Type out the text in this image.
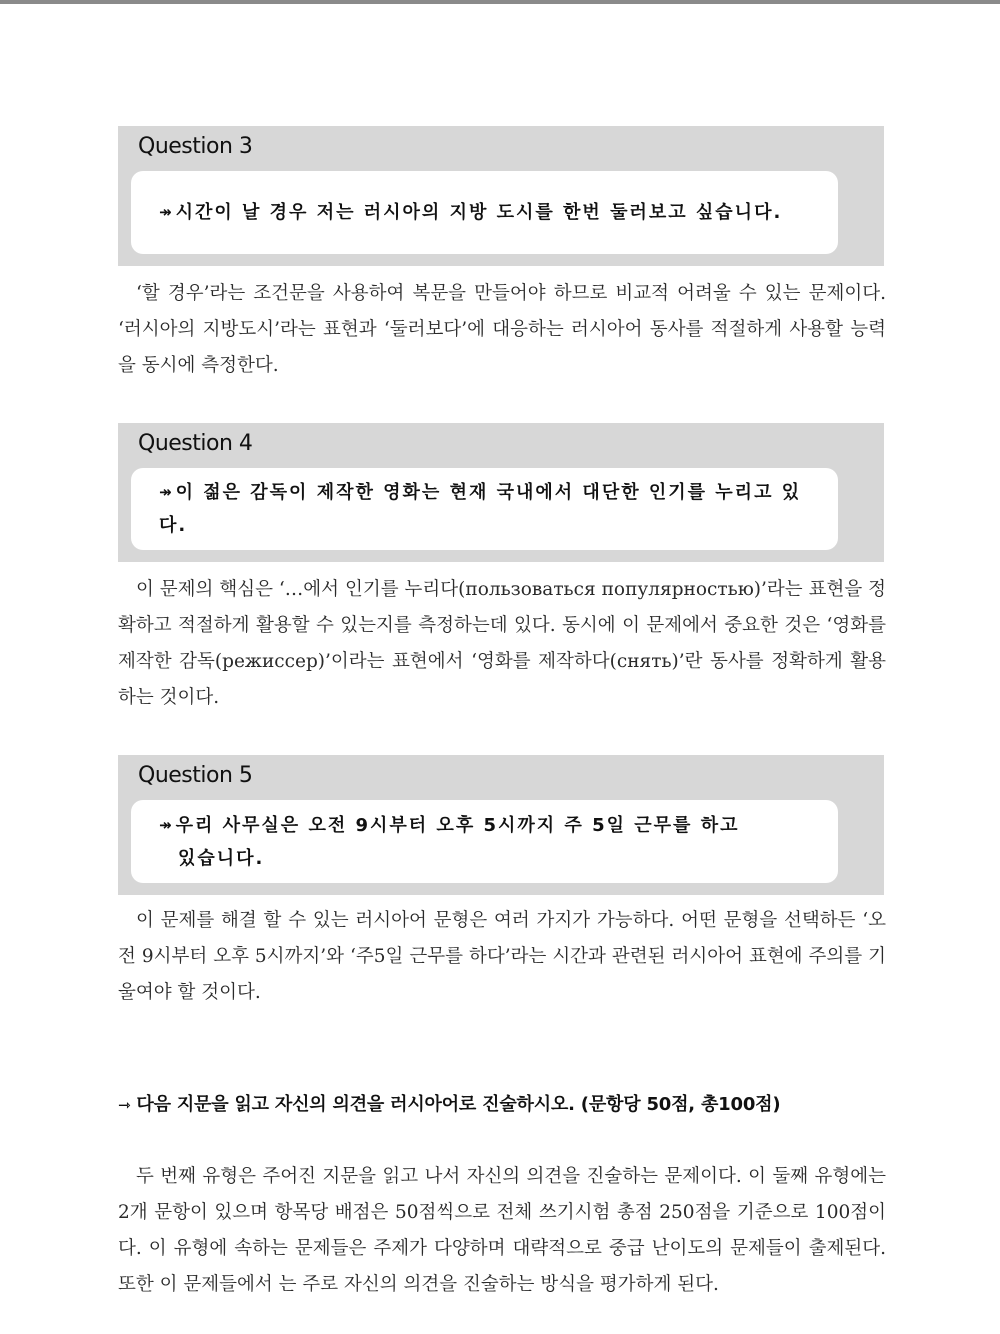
Question 3
↠ 시간이 날 경우 저는 러시아의 지방 도시를 한번 둘러보고 싶습니다.

‘할 경우’라는 조건문을 사용하여 복문을 만들어야 하므로 비교적 어려울 수 있는 문제이다. ‘러시아의 지방도시’라는 표현과 ‘둘러보다’에 대응하는 러시아어 동사를 적절하게 사용할 능력을 동시에 측정한다.

Question 4
↠ 이 젊은 감독이 제작한 영화는 현재 국내에서 대단한 인기를 누리고 있다.

이 문제의 핵심은 ‘…에서 인기를 누리다(пользоваться популярностью)’라는 표현을 정확하고 적절하게 활용할 수 있는지를 측정하는데 있다. 동시에 이 문제에서 중요한 것은 ‘영화를 제작한 감독(режиссер)’이라는 표현에서 ‘영화를 제작하다(снять)’란 동사를 정확하게 활용하는 것이다.

Question 5
↠ 우리 사무실은 오전 9시부터 오후 5시까지 주 5일 근무를 하고
있습니다.

이 문제를 해결 할 수 있는 러시아어 문형은 여러 가지가 가능하다. 어떤 문형을 선택하든 ‘오전 9시부터 오후 5시까지’와 ‘주5일 근무를 하다’라는 시간과 관련된 러시아어 표현에 주의를 기울여야 할 것이다.

⇾ 다음 지문을 읽고 자신의 의견을 러시아어로 진술하시오. (문항당 50점, 총100점)

두 번째 유형은 주어진 지문을 읽고 나서 자신의 의견을 진술하는 문제이다. 이 둘째 유형에는 2개 문항이 있으며 항목당 배점은 50점씩으로 전체 쓰기시험 총점 250점을 기준으로 100점이다. 이 유형에 속하는 문제들은 주제가 다양하며 대략적으로 중급 난이도의 문제들이 출제된다. 또한 이 문제들에서 는 주로 자신의 의견을 진술하는 방식을 평가하게 된다.
